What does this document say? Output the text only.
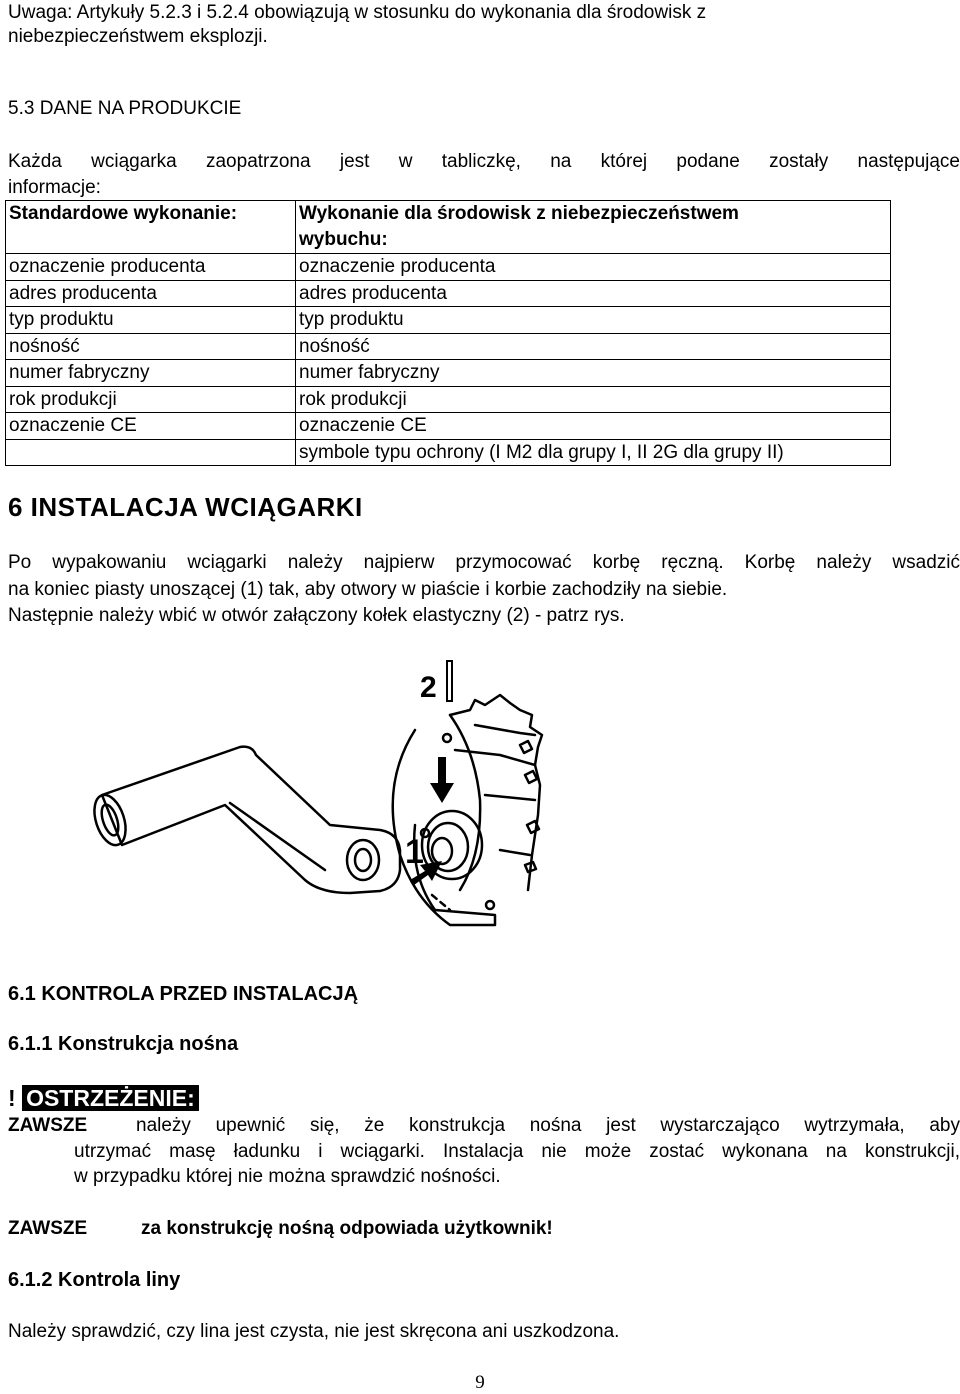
Uwaga: Artykuły 5.2.3 i 5.2.4 obowiązują w stosunku do wykonania dla środowisk z
niebezpieczeństwem eksplozji.
5.3 DANE NA PRODUKCIE
Każda wciągarka zaopatrzona jest w tabliczkę, na której podane zostały następujące
informacje:
Standardowe wykonanie:	Wykonanie dla środowisk z niebezpieczeństwem
wybuchu:
oznaczenie producenta	oznaczenie producenta
adres producenta	adres producenta
typ produktu	typ produktu
nośność	nośność
numer fabryczny	numer fabryczny
rok produkcji	rok produkcji
oznaczenie CE	oznaczenie CE
	symbole typu ochrony (I M2 dla grupy I, II 2G dla grupy II)
6 INSTALACJA WCIĄGARKI
Po wypakowaniu wciągarki należy najpierw przymocować korbę ręczną. Korbę należy wsadzić
na koniec piasty unoszącej (1) tak, aby otwory w piaście i korbie zachodziły na siebie.
Następnie należy wbić w otwór załączony kołek elastyczny (2) - patrz rys.
2
1
6.1 KONTROLA PRZED INSTALACJĄ
6.1.1 Konstrukcja nośna
! OSTRZEŻENIE:
ZAWSZE	należy upewnić się, że konstrukcja nośna jest wystarczająco wytrzymała, aby
utrzymać masę ładunku i wciągarki. Instalacja nie może zostać wykonana na konstrukcji,
w przypadku której nie można sprawdzić nośności.
ZAWSZE	za konstrukcję nośną odpowiada użytkownik!
6.1.2 Kontrola liny
Należy sprawdzić, czy lina jest czysta, nie jest skręcona ani uszkodzona.
9
